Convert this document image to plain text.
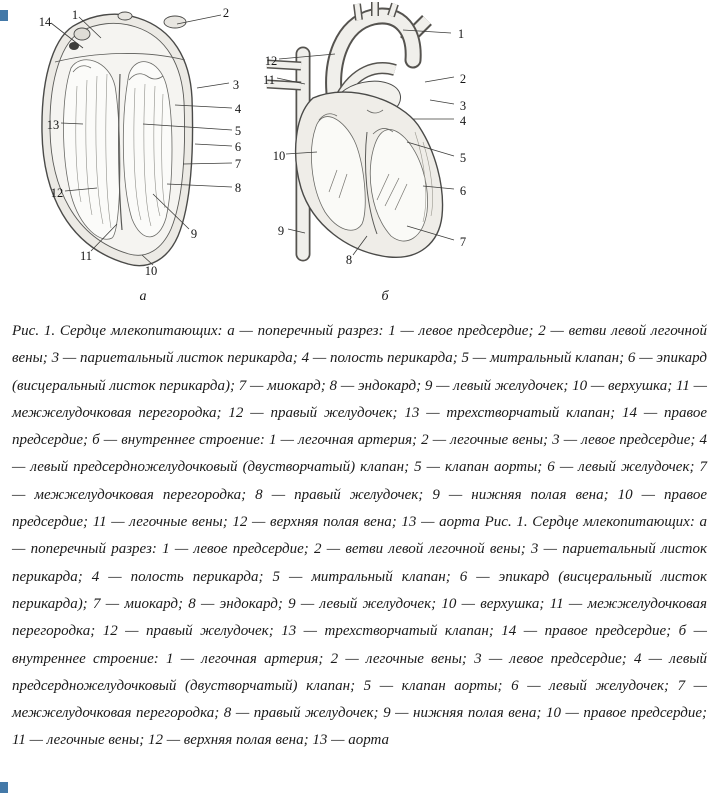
14 1	2
3
4
5
6
7
8
9
10
11
12
13
а
1
2
3
4
5
6
7
8
9
10
11
12
б

Рис. 1. Сердце млекопитающих: а — поперечный разрез: 1 — левое предсердие; 2 — ветви левой легочной вены; 3 — париетальный листок перикарда; 4 — полость перикарда; 5 — митральный клапан; 6 — эпикард (висцеральный листок перикарда); 7 — миокард; 8 — эндокард; 9 — левый желудочек; 10 — верхушка; 11 — межжелудочковая перегородка; 12 — правый желудочек; 13 — трехстворчатый клапан; 14 — правое предсердие; б — внутреннее строение: 1 — легочная артерия; 2 — легочные вены; 3 — левое предсердие; 4 — левый предсердножелудочковый (двустворчатый) клапан; 5 — клапан аорты; 6 — левый желудочек; 7 — межжелудочковая перегородка; 8 — правый желудочек; 9 — нижняя полая вена; 10 — правое предсердие; 11 — легочные вены; 12 — верхняя полая вена; 13 — аорта Рис. 1. Сердце млекопитающих: а — поперечный разрез: 1 — левое предсердие; 2 — ветви левой легочной вены; 3 — париетальный листок перикарда; 4 — полость перикарда; 5 — митральный клапан; 6 — эпикард (висцеральный листок перикарда); 7 — миокард; 8 — эндокард; 9 — левый желудочек; 10 — верхушка; 11 — межжелудочковая перегородка; 12 — правый желудочек; 13 — трехстворчатый клапан; 14 — правое предсердие; б — внутреннее строение: 1 — легочная артерия; 2 — легочные вены; 3 — левое предсердие; 4 — левый предсердножелудочковый (двустворчатый) клапан; 5 — клапан аорты; 6 — левый желудочек; 7 — межжелудочковая перегородка; 8 — правый желудочек; 9 — нижняя полая вена; 10 — правое предсердие; 11 — легочные вены; 12 — верхняя полая вена; 13 — аорта
